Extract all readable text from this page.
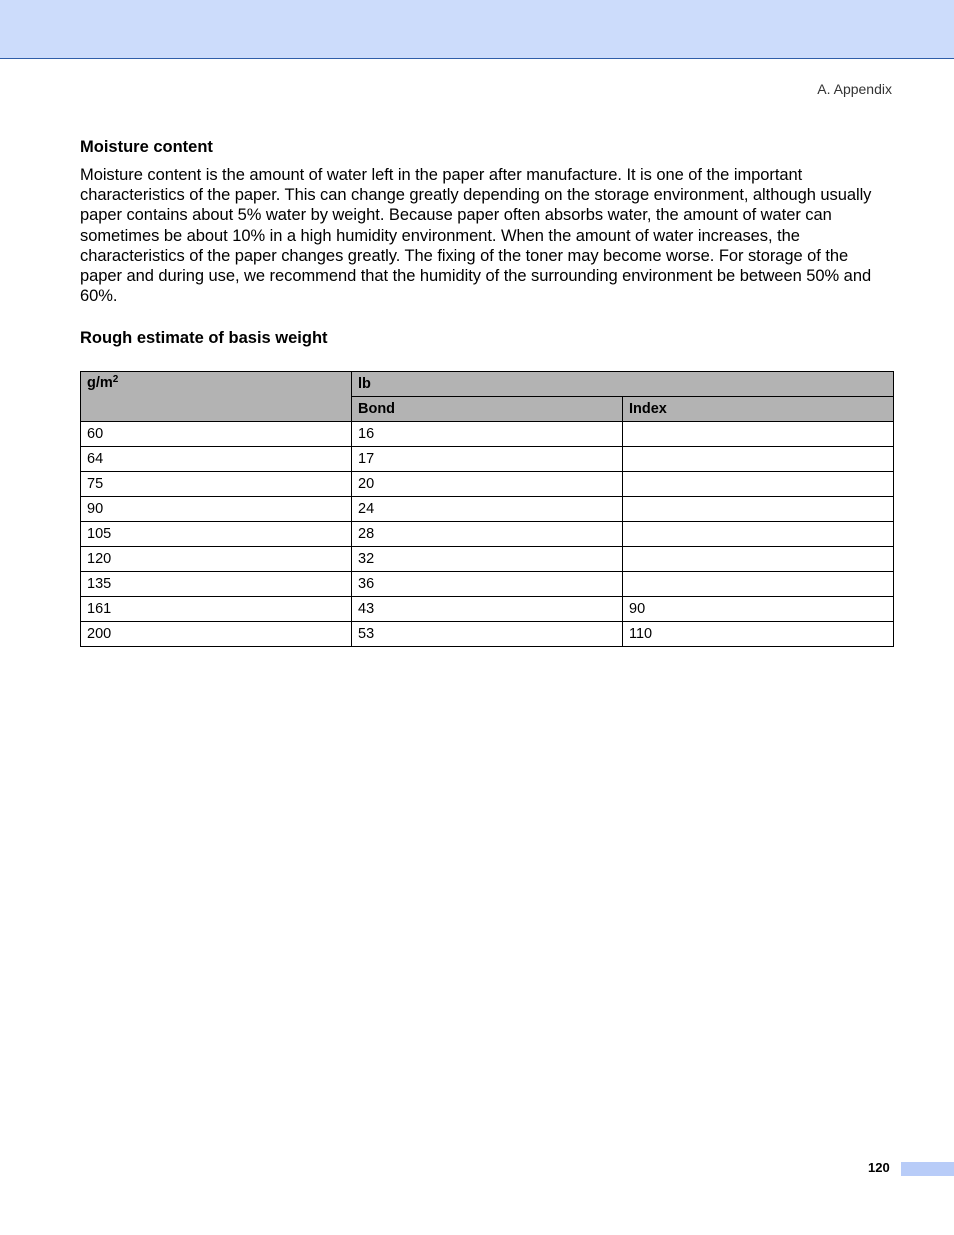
A. Appendix
Moisture content

Moisture content is the amount of water left in the paper after manufacture. It is one of the important characteristics of the paper. This can change greatly depending on the storage environment, although usually paper contains about 5% water by weight. Because paper often absorbs water, the amount of water can sometimes be about 10% in a high humidity environment. When the amount of water increases, the characteristics of the paper changes greatly. The fixing of the toner may become worse. For storage of the paper and during use, we recommend that the humidity of the surrounding environment be between 50% and 60%.

Rough estimate of basis weight
$g/m^2$	lb	
	Bond	Index
60	16	
64	17	
75	20	
90	24	
105	28	
120	32	
135	36	
161	43	90
200	53	110
120
